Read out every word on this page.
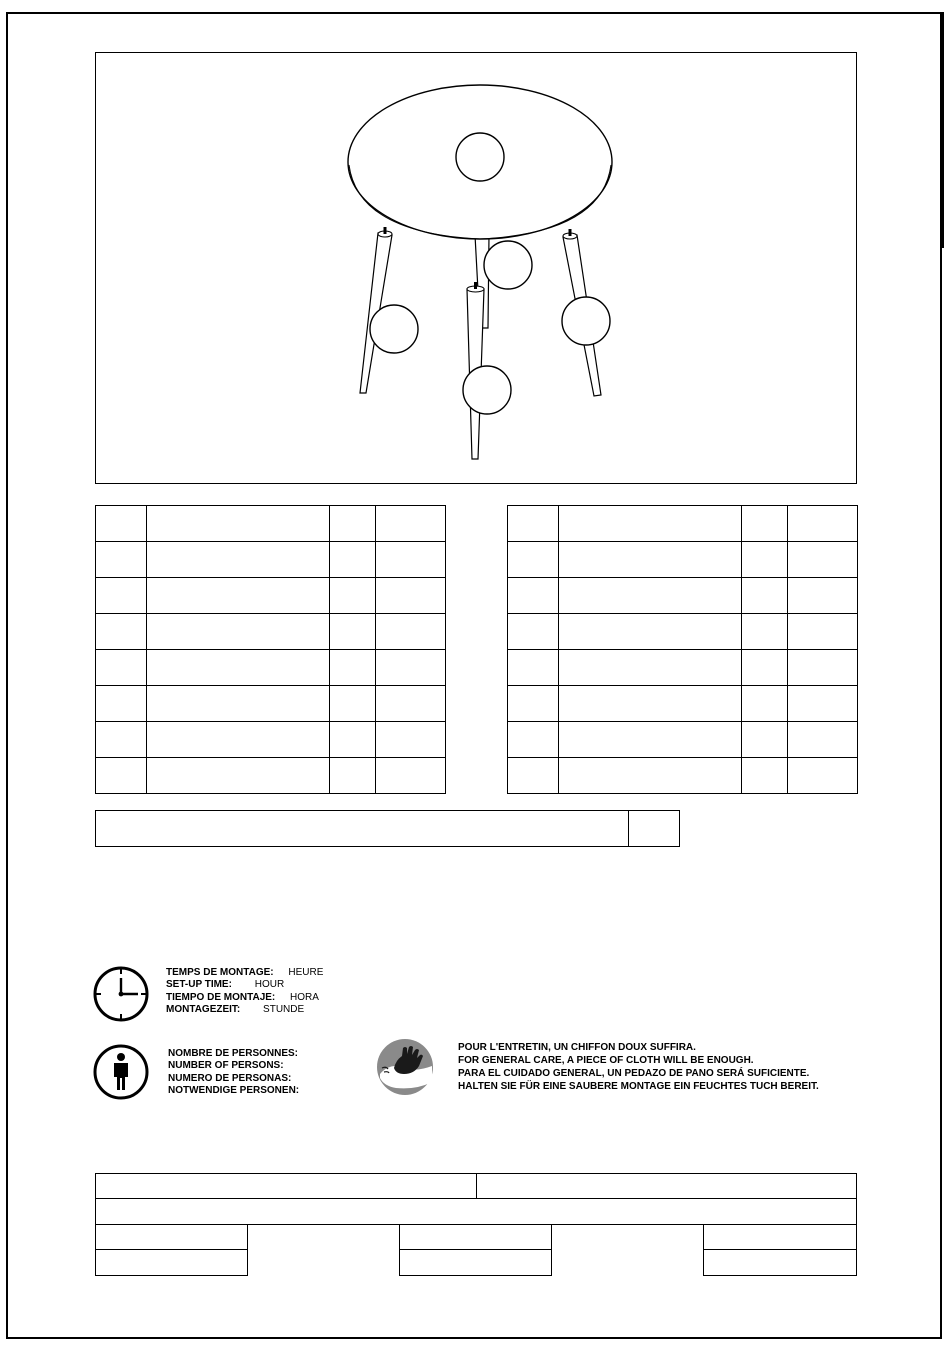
TEMPS DE MONTAGE: HEURE
SET-UP TIME: HOUR
TIEMPO DE MONTAJE: HORA
MONTAGEZEIT: STUNDE
NOMBRE DE PERSONNES:
NUMBER OF PERSONS:
NUMERO DE PERSONAS:
NOTWENDIGE PERSONEN:
POUR L'ENTRETIN, UN CHIFFON DOUX SUFFIRA.
FOR GENERAL CARE, A PIECE OF CLOTH WILL BE ENOUGH.
PARA EL CUIDADO GENERAL, UN PEDAZO DE PANO SERÁ SUFICIENTE.
HALTEN SIE FÜR EINE SAUBERE MONTAGE EIN FEUCHTES TUCH BEREIT.
